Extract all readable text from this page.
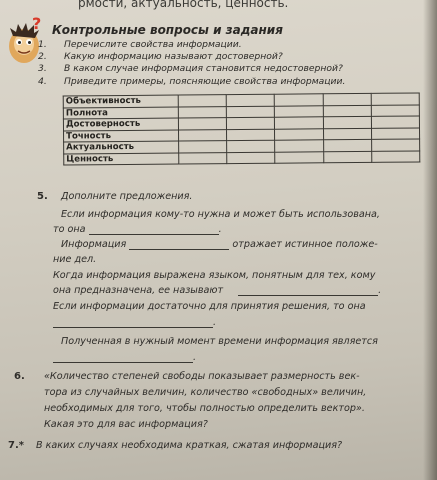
рмости, актуальность, ценность.
? Контрольные вопросы и задания
1.	Перечислите свойства информации.
2.	Какую информацию называют достоверной?
3.	В каком случае информация становится недостоверной?
4.	Приведите примеры, поясняющие свойства информации.
Объективность					
Полнота					
Достоверность					
Точность					
Актуальность					
Ценность					
5. Дополните предложения.
Если информация кому-то нужна и может быть использована,
то она	.
Информация	отражает истинное положе-
ние дел.
Когда информация выражена языком, понятным для тех, кому
она предназначена, ее называют	.
Если информации достаточно для принятия решения, то она
.
Полученная в нужный момент времени информация является
.
6. «Количество степеней свободы показывает размерность век-
тора из случайных величин, количество «свободных» величин,
необходимых для того, чтобы полностью определить вектор».
Какая это для вас информация?
7.* В каких случаях необходима краткая, сжатая информация?
